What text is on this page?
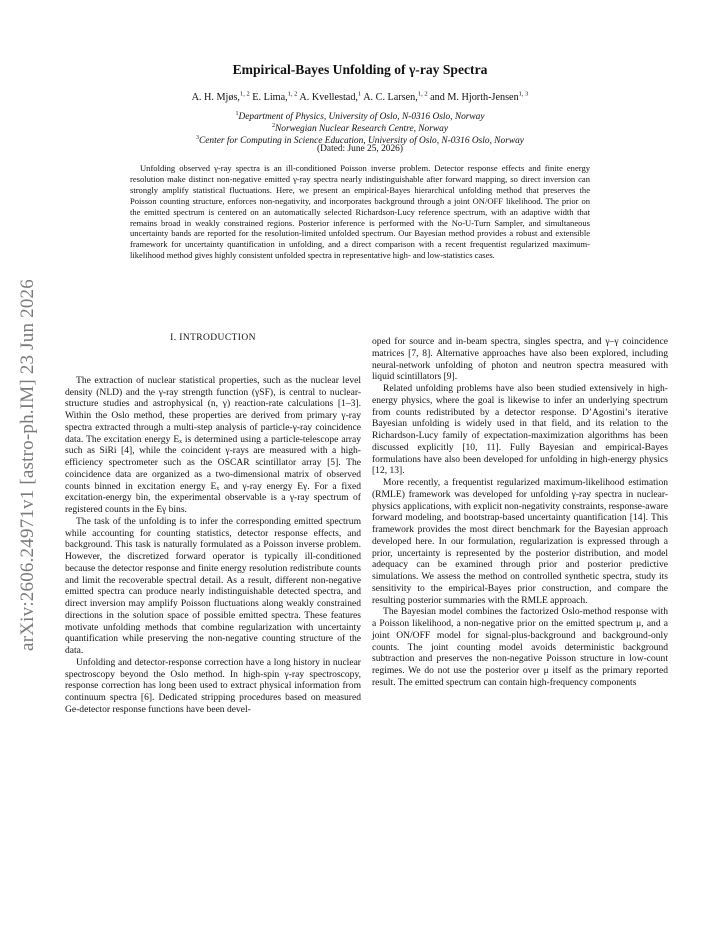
arXiv:2606.24971v1 [astro-ph.IM] 23 Jun 2026
Empirical-Bayes Unfolding of γ-ray Spectra
A. H. Mjøs,$^{1, 2}$ E. Lima,$^{1, 2}$ A. Kvellestad,$^1$ A. C. Larsen,$^{1, 2}$ and M. Hjorth-Jensen$^{1, 3}$
$^1$Department of Physics, University of Oslo, N-0316 Oslo, Norway
$^2$Norwegian Nuclear Research Centre, Norway
$^3$Center for Computing in Science Education, University of Oslo, N-0316 Oslo, Norway
(Dated: June 25, 2026)

Unfolding observed γ-ray spectra is an ill-conditioned Poisson inverse problem. Detector response effects and finite energy resolution make distinct non-negative emitted γ-ray spectra nearly indistinguishable after forward mapping, so direct inversion can strongly amplify statistical fluctuations. Here, we present an empirical-Bayes hierarchical unfolding method that preserves the Poisson counting structure, enforces non-negativity, and incorporates background through a joint ON/OFF likelihood. The prior on the emitted spectrum is centered on an automatically selected Richardson-Lucy reference spectrum, with an adaptive width that remains broad in weakly constrained regions. Posterior inference is performed with the No-U-Turn Sampler, and simultaneous uncertainty bands are reported for the resolution-limited unfolded spectrum. Our Bayesian method provides a robust and extensible framework for uncertainty quantification in unfolding, and a direct comparison with a recent frequentist regularized maximum-likelihood method gives highly consistent unfolded spectra in representative high- and low-statistics cases.

I. INTRODUCTION

The extraction of nuclear statistical properties, such as the nuclear level density (NLD) and the γ-ray strength function (γSF), is central to nuclear-structure studies and astrophysical (n, γ) reaction-rate calculations [1–3]. Within the Oslo method, these properties are derived from primary γ-ray spectra extracted through a multi-step analysis of particle-γ-ray coincidence data. The excitation energy Eₓ is determined using a particle-telescope array such as SiRi [4], while the coincident γ-rays are measured with a high-efficiency spectrometer such as the OSCAR scintillator array [5]. The coincidence data are organized as a two-dimensional matrix of observed counts binned in excitation energy Eₓ and γ-ray energy Eγ. For a fixed excitation-energy bin, the experimental observable is a γ-ray spectrum of registered counts in the Eγ bins.

The task of the unfolding is to infer the corresponding emitted spectrum while accounting for counting statistics, detector response effects, and background. This task is naturally formulated as a Poisson inverse problem. However, the discretized forward operator is typically ill-conditioned because the detector response and finite energy resolution redistribute counts and limit the recoverable spectral detail. As a result, different non-negative emitted spectra can produce nearly indistinguishable detected spectra, and direct inversion may amplify Poisson fluctuations along weakly constrained directions in the solution space of possible emitted spectra. These features motivate unfolding methods that combine regularization with uncertainty quantification while preserving the non-negative counting structure of the data.

Unfolding and detector-response correction have a long history in nuclear spectroscopy beyond the Oslo method. In high-spin γ-ray spectroscopy, response correction has long been used to extract physical information from continuum spectra [6]. Dedicated stripping procedures based on measured Ge-detector response functions have been devel-

oped for source and in-beam spectra, singles spectra, and γ–γ coincidence matrices [7, 8]. Alternative approaches have also been explored, including neural-network unfolding of photon and neutron spectra measured with liquid scintillators [9].

Related unfolding problems have also been studied extensively in high-energy physics, where the goal is likewise to infer an underlying spectrum from counts redistributed by a detector response. D’Agostini’s iterative Bayesian unfolding is widely used in that field, and its relation to the Richardson-Lucy family of expectation-maximization algorithms has been discussed explicitly [10, 11]. Fully Bayesian and empirical-Bayes formulations have also been developed for unfolding in high-energy physics [12, 13].

More recently, a frequentist regularized maximum-likelihood estimation (RMLE) framework was developed for unfolding γ-ray spectra in nuclear-physics applications, with explicit non-negativity constraints, response-aware forward modeling, and bootstrap-based uncertainty quantification [14]. This framework provides the most direct benchmark for the Bayesian approach developed here. In our formulation, regularization is expressed through a prior, uncertainty is represented by the posterior distribution, and model adequacy can be examined through prior and posterior predictive simulations. We assess the method on controlled synthetic spectra, study its sensitivity to the empirical-Bayes prior construction, and compare the resulting posterior summaries with the RMLE approach.

The Bayesian model combines the factorized Oslo-method response with a Poisson likelihood, a non-negative prior on the emitted spectrum μ, and a joint ON/OFF model for signal-plus-background and background-only counts. The joint counting model avoids deterministic background subtraction and preserves the non-negative Poisson structure in low-count regimes. We do not use the posterior over μ itself as the primary reported result. The emitted spectrum can contain high-frequency components
